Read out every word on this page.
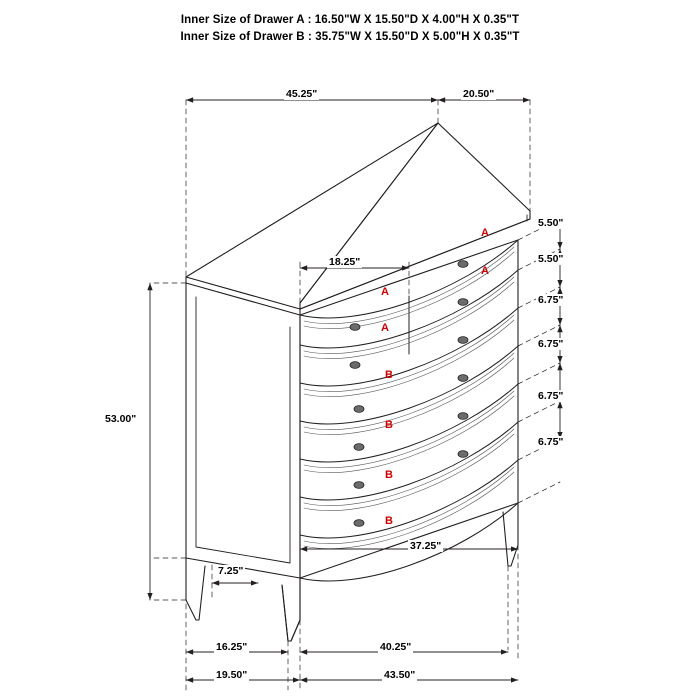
Inner Size of Drawer A : 16.50"W X 15.50"D X 4.00"H X 0.35"T
Inner Size of Drawer B : 35.75"W X 15.50"D X 5.00"H X 0.35"T
45.25"	20.50"
18.25"
53.00"
37.25"
7.25"
16.25"	40.25"
19.50"	43.50"
5.50"
5.50"
6.75"
6.75"
6.75"
6.75"
A
A
A
A
B
B
B
B
